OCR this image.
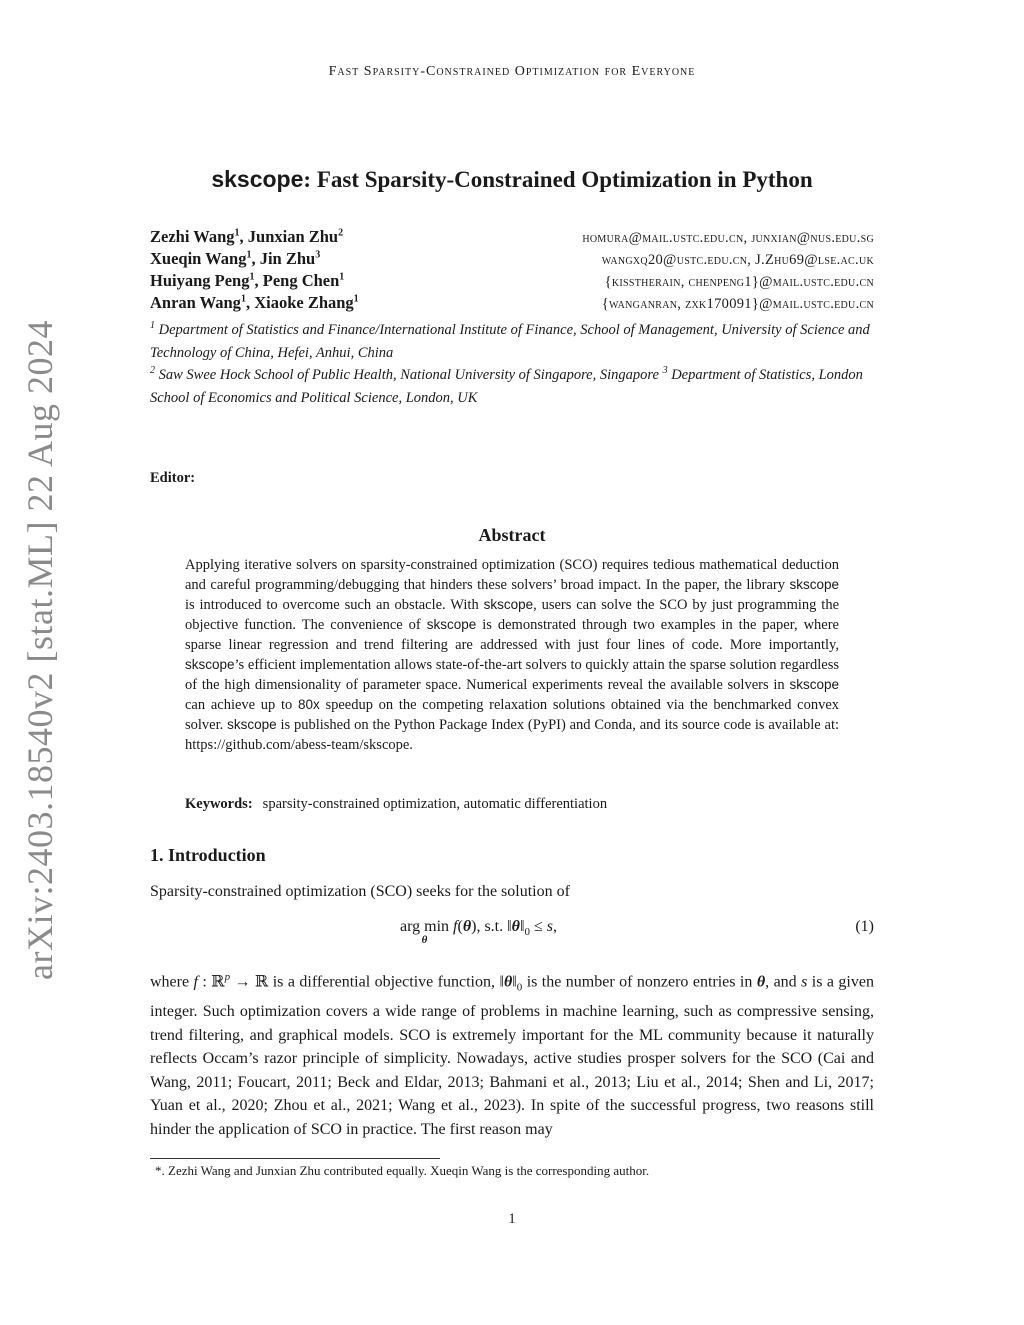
arXiv:2403.18540v2 [stat.ML] 22 Aug 2024
Fast Sparsity-Constrained Optimization for Everyone
skscope: Fast Sparsity-Constrained Optimization in Python
Zezhi Wang$^1$, Junxian Zhu$^2$	homura@mail.ustc.edu.cn, junxian@nus.edu.sg
Xueqin Wang$^1$, Jin Zhu$^3$	wangxq20@ustc.edu.cn, J.Zhu69@lse.ac.uk
Huiyang Peng$^1$, Peng Chen$^1$	{kisstherain, chenpeng1}@mail.ustc.edu.cn
Anran Wang$^1$, Xiaoke Zhang$^1$	{wanganran, zxk170091}@mail.ustc.edu.cn
$^1$ Department of Statistics and Finance/International Institute of Finance, School of Management, University of Science and Technology of China, Hefei, Anhui, China
$^2$ Saw Swee Hock School of Public Health, National University of Singapore, Singapore $^3$ Department of Statistics, London School of Economics and Political Science, London, UK
Editor:
Abstract
Applying iterative solvers on sparsity-constrained optimization (SCO) requires tedious mathematical deduction and careful programming/debugging that hinders these solvers’ broad impact. In the paper, the library skscope is introduced to overcome such an obstacle. With skscope, users can solve the SCO by just programming the objective function. The convenience of skscope is demonstrated through two examples in the paper, where sparse linear regression and trend filtering are addressed with just four lines of code. More importantly, skscope’s efficient implementation allows state-of-the-art solvers to quickly attain the sparse solution regardless of the high dimensionality of parameter space. Numerical experiments reveal the available solvers in skscope can achieve up to 80x speedup on the competing relaxation solutions obtained via the benchmarked convex solver. skscope is published on the Python Package Index (PyPI) and Conda, and its source code is available at: https://github.com/abess-team/skscope.
Keywords: sparsity-constrained optimization, automatic differentiation
1. Introduction
Sparsity-constrained optimization (SCO) seeks for the solution of
arg min
θ
f(θ), s.t. $‖\theta‖_0 \le s$,	(1)
where f : ℝ$^p$ → ℝ is a differential objective function, $‖\theta‖_0$ is the number of nonzero entries in θ, and s is a given integer. Such optimization covers a wide range of problems in machine learning, such as compressive sensing, trend filtering, and graphical models. SCO is extremely important for the ML community because it naturally reflects Occam’s razor principle of simplicity. Nowadays, active studies prosper solvers for the SCO (Cai and Wang, 2011; Foucart, 2011; Beck and Eldar, 2013; Bahmani et al., 2013; Liu et al., 2014; Shen and Li, 2017; Yuan et al., 2020; Zhou et al., 2021; Wang et al., 2023). In spite of the successful progress, two reasons still hinder the application of SCO in practice. The first reason may
*. Zezhi Wang and Junxian Zhu contributed equally. Xueqin Wang is the corresponding author.
1
